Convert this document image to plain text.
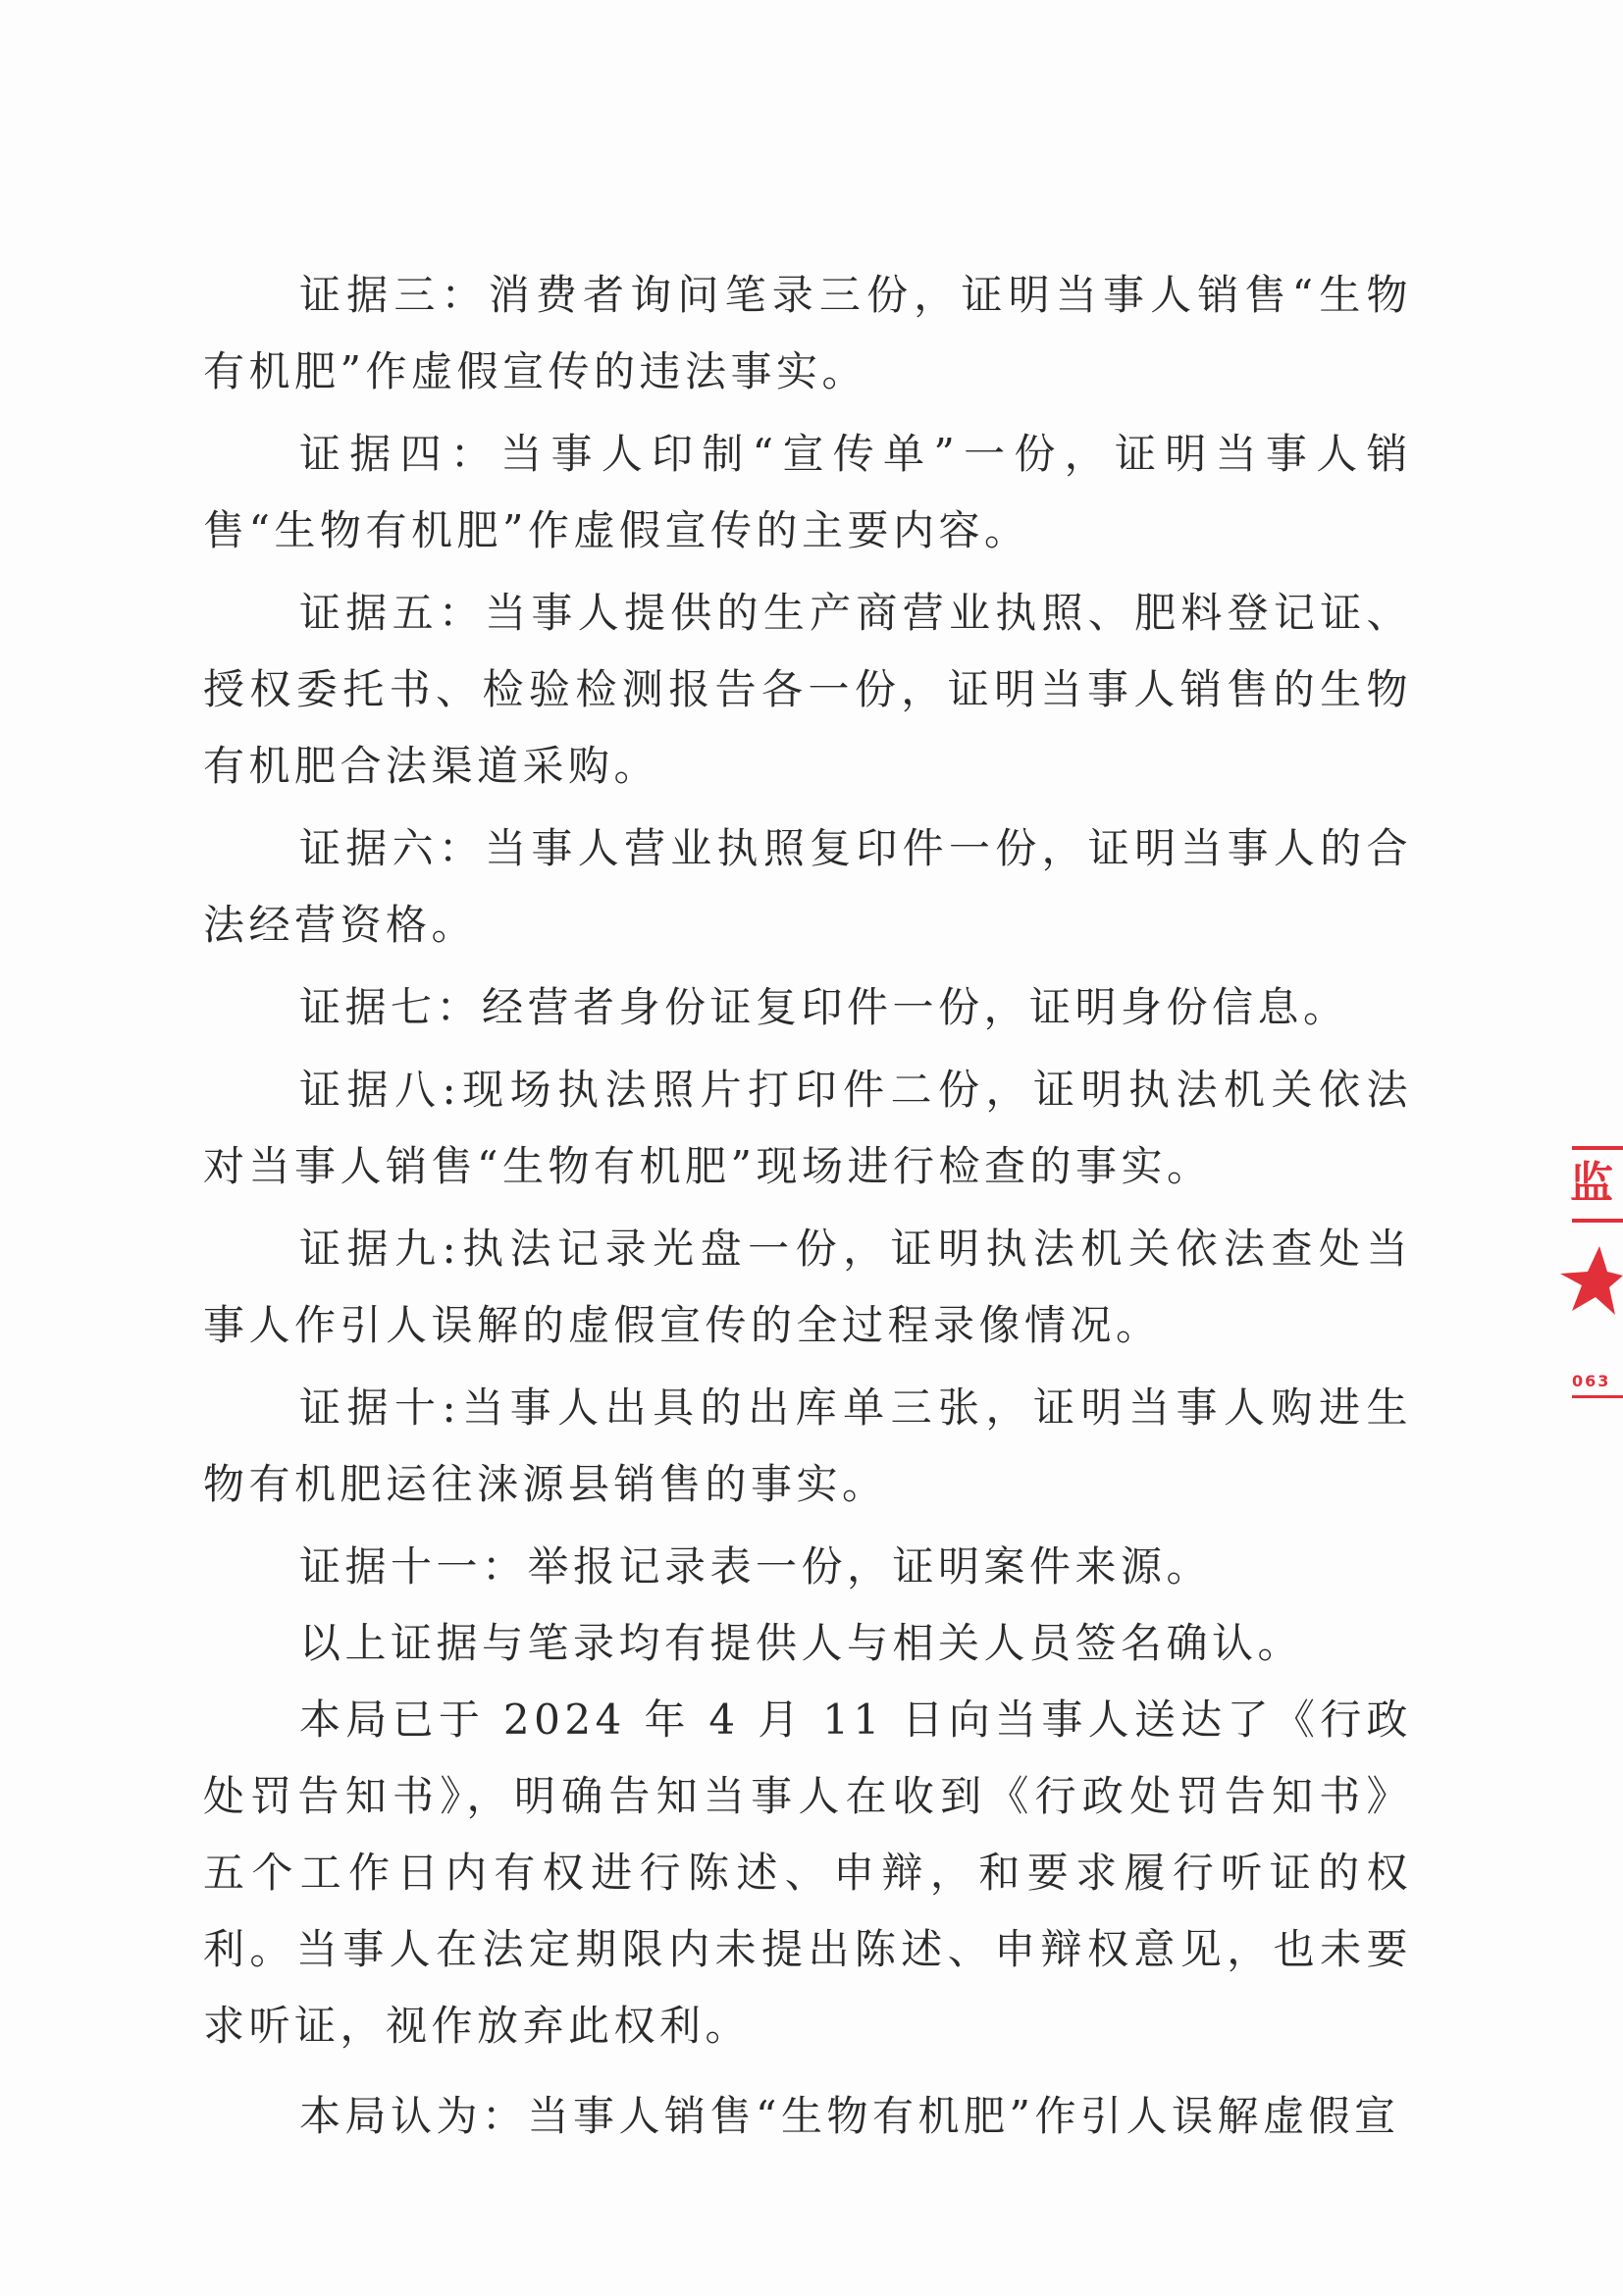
证据三：消费者询问笔录三份，证明当事人销售“生物有机肥”作虚假宣传的违法事实。

证据四：当事人印制“宣传单”一份，证明当事人销售“生物有机肥”作虚假宣传的主要内容。

证据五：当事人提供的生产商营业执照、肥料登记证、授权委托书、检验检测报告各一份，证明当事人销售的生物有机肥合法渠道采购。

证据六：当事人营业执照复印件一份，证明当事人的合法经营资格。

证据七：经营者身份证复印件一份，证明身份信息。

证据八:现场执法照片打印件二份，证明执法机关依法对当事人销售“生物有机肥”现场进行检查的事实。

证据九:执法记录光盘一份，证明执法机关依法查处当事人作引人误解的虚假宣传的全过程录像情况。

证据十:当事人出具的出库单三张，证明当事人购进生物有机肥运往涞源县销售的事实。

证据十一：举报记录表一份，证明案件来源。

以上证据与笔录均有提供人与相关人员签名确认。

本局已于 2024 年 4 月 11 日向当事人送达了《行政处罚告知书》，明确告知当事人在收到《行政处罚告知书》五个工作日内有权进行陈述、申辩，和要求履行听证的权利。当事人在法定期限内未提出陈述、申辩权意见，也未要求听证，视作放弃此权利。

本局认为：当事人销售“生物有机肥”作引人误解虚假宣

监
063
